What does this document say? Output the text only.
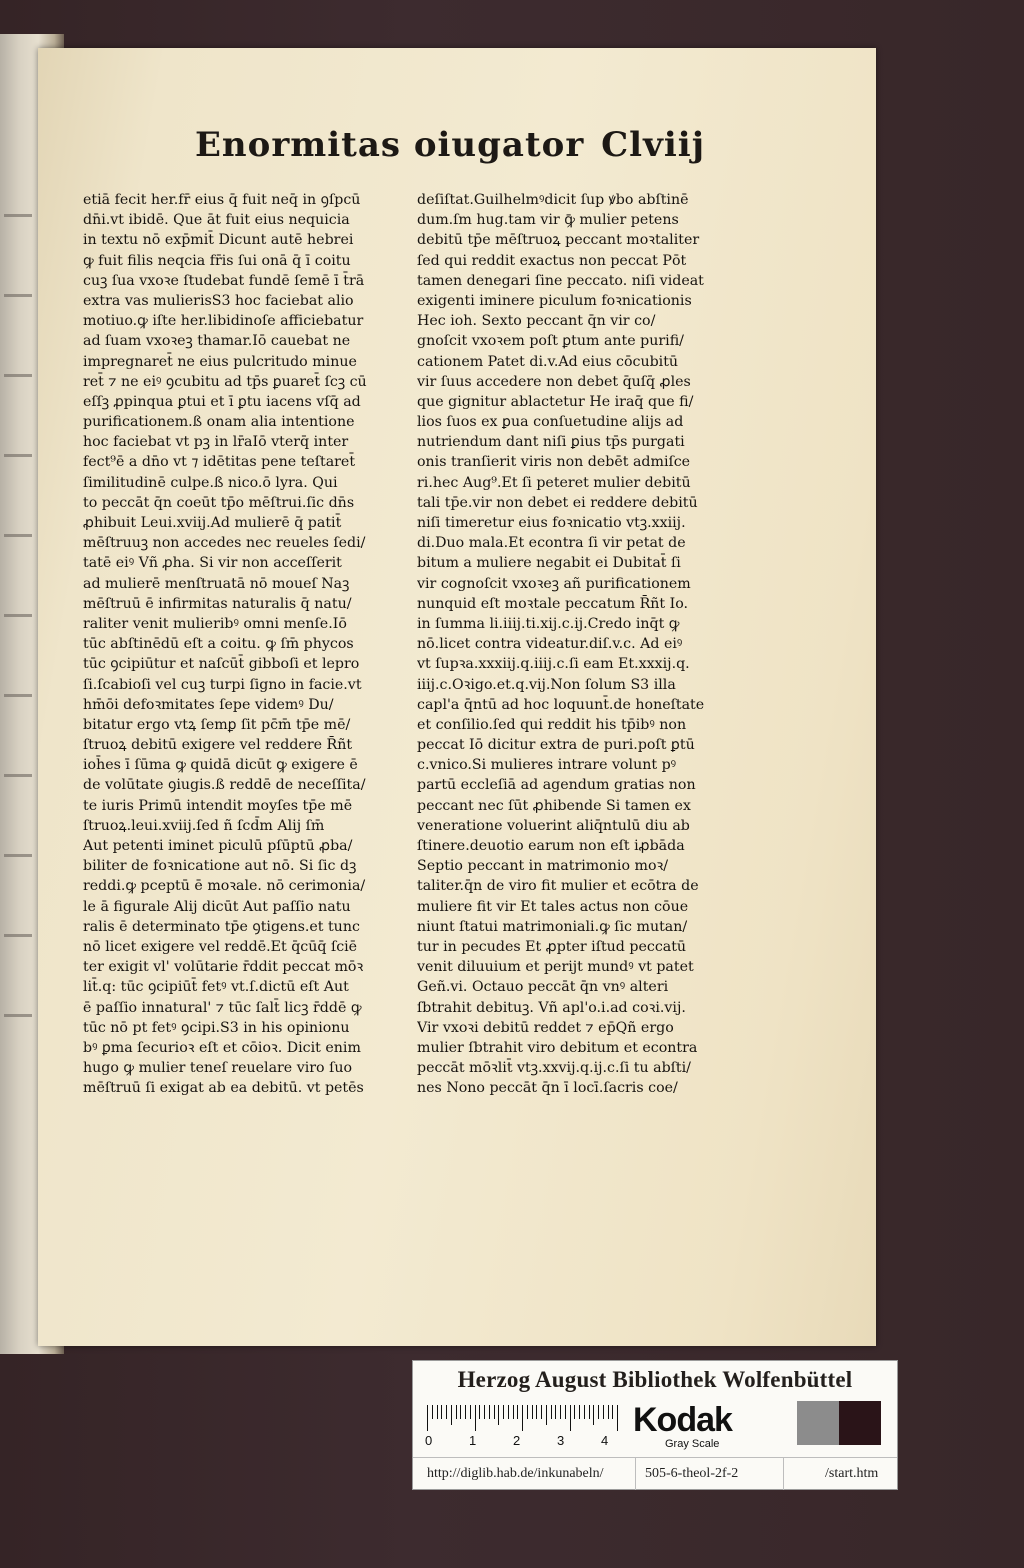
Enormitas oiugator Clviij
etiā fecit her.fr̄ eius q̄ fuit neq̄ in ꝯſpcū
dn̄i.vt ibidē. Que āt fuit eius nequicia
in textu nō exp̄mit̄ Dicunt autē hebrei
ꝙ fuit filis neqcia fr̄is ſui onā q̄ ī coitu
cuꝫ ſua vxoꝛe ſtudebat fundē ſemē ī t̄rā
extra vas mulierisS3 hoc faciebat alio
motiuo.ꝙ iſte her.libidinoſe afficiebatur
ad ſuam vxoꝛeꝫ thamar.Iō cauebat ne
impregnaret̄ ne eius pulcritudo minue
ret̄ ⁊ ne eiꝰ ꝯcubitu ad tp̄s ꝑuaret̄ ſcꝫ cū
eſſꝫ ꝓpinqua ꝑtui et ī ꝑtu iacens vſq̄ ad
purificationem.ß onam alia intentione
hoc faciebat vt pꝫ in lr̄aIō vterq̄ inter
fect⁹ē a dn̄o vt ⁊ idētitas pene teſtaret̄
ſimilitudinē culpe.ß nico.ō lyra. Qui
to peccāt q̄n coeūt tp̄o mēſtrui.ſic dn̄s
ꝓhibuit Leui.xviij.Ad mulierē q̄ patit̄
mēſtruuꝫ non accedes nec reueles ſedi/
tatē eiꝰ Vñ ꝓha. Si vir non acceſſerit
ad mulierē menſtruatā nō moueſ Naꝫ
mēſtruū ē infirmitas naturalis q̄ natu/
raliter venit mulieribꝰ omni menſe.Iō
tūc abſtinēdū eſt a coitu. ꝙ ſm̄ phycos
tūc ꝯcipiūtur et naſcūt̄ gibboſi et lepro
ſi.ſcabioſi vel cuꝫ turpi ſigno in facie.vt
hm̄ōi defoꝛmitates ſepe videmꝰ Du/
bitatur ergo vtꝝ ſemꝑ ſit pc̄m̄ tp̄e mē/
ſtruoꝝ debitū exigere vel reddere R̄ñt
ioh̄es ī ſūma ꝙ quidā dicūt ꝙ exigere ē
de volūtate ꝯiugis.ß reddē de neceſſita/
te iuris Primū intendit moyſes tp̄e mē
ſtruoꝝ.leui.xviij.ſed ñ ſcd̄m Alij ſm̄
Aut petenti iminet piculū pſūptū ꝓba/
biliter de foꝛnicatione aut nō. Si ſic dꝫ
reddi.ꝙ pceptū ē moꝛale. nō cerimonia/
le ā figurale Alij dicūt Aut paſſio natu
ralis ē determinato tp̄e ꝯtigens.et tunc
nō licet exigere vel reddē.Et q̄cūq̄ ſciē
ter exigit vl' volūtarie r̄ddit peccat mōꝛ
lit̄.q: tūc ꝯcipiūt̄ fetꝰ vt.ſ.dictū eſt Aut
ē paſſio innatural' ⁊ tūc ſalt̄ licꝫ r̄ddē ꝙ
tūc nō pt fetꝰ ꝯcipi.S3 in his opinionu
bꝰ ꝑma ſecurioꝛ eſt et cōioꝛ. Dicit enim
hugo ꝙ mulier teneſ reuelare viro ſuo
mēſtruū ſi exigat ab ea debitū. vt petēs
deſiſtat.Guilhelmꝰdicit ſup ꝟbo abſtinē
dum.ſm hug.tam vir ꝙ̄ mulier petens
debitū tp̄e mēſtruoꝝ peccant moꝛtaliter
ſed qui reddit exactus non peccat Pōt
tamen denegari ſine peccato. niſi videat
exigenti iminere piculum foꝛnicationis
Hec ioh. Sexto peccant q̄n vir co/
gnoſcit vxoꝛem poſt ꝑtum ante purifi/
cationem Patet di.v.Ad eius cōcubitū
vir ſuus accedere non debet q̄uſq̄ ꝓles
que gignitur ablactetur He iraq̄ que fi/
lios ſuos ex ꝑua conſuetudine alijs ad
nutriendum dant niſi ꝑius tp̄s purgati
onis tranſierit viris non debēt admiſce
ri.hec Aug⁹.Et ſi peteret mulier debitū
tali tp̄e.vir non debet ei reddere debitū
niſi timeretur eius foꝛnicatio vtꝫ.xxiij.
di.Duo mala.Et econtra ſi vir petat de
bitum a muliere negabit ei Dubitat̄ ſi
vir cognoſcit vxoꝛeꝫ añ purificationem
nunquid eſt moꝛtale peccatum R̄ñt Io.
in ſumma li.iiij.ti.xij.c.ij.Credo inq̄t ꝙ
nō.licet contra videatur.diſ.v.c. Ad eiꝰ
vt ſupꝛa.xxxiij.q.iiij.c.ſi eam Et.xxxij.q.
iiij.c.Oꝛigo.et.q.vij.Non ſolum S3 illa
capl'a q̄ntū ad hoc loquunt̄.de honeſtate
et conſilio.ſed qui reddit his tp̄ibꝰ non
peccat Iō dicitur extra de puri.poſt ꝑtū
c.vnico.Si mulieres intrare volunt pꝰ
partū eccleſiā ad agendum gratias non
peccant nec ſūt ꝓhibende Si tamen ex
veneratione voluerint aliq̄ntulū diu ab
ſtinere.deuotio earum non eſt iꝓbāda
Septio peccant in matrimonio moꝛ/
taliter.q̄n de viro fit mulier et ecōtra de
muliere fit vir Et tales actus non cōue
niunt ſtatui matrimoniali.ꝙ ſic mutan/
tur in pecudes Et ꝓpter iſtud peccatū
venit diluuium et perijt mundꝰ vt patet
Geñ.vi. Octauo peccāt q̄n vnꝰ alteri
ſbtrahit debituꝫ. Vñ apl'o.i.ad coꝛi.vij.
Vir vxoꝛi debitū reddet ⁊ ep̄Qñ ergo
mulier ſbtrahit viro debitum et econtra
peccāt mōꝛlit̄ vtꝫ.xxvij.q.ij.c.ſi tu abſti/
nes Nono peccāt q̄n ī locī.ſacris coe/
Herzog August Bibliothek Wolfenbüttel
0	1	2	3	4
Kodak
Gray Scale
http://diglib.hab.de/inkunabeln/	505-6-theol-2f-2	/start.htm
